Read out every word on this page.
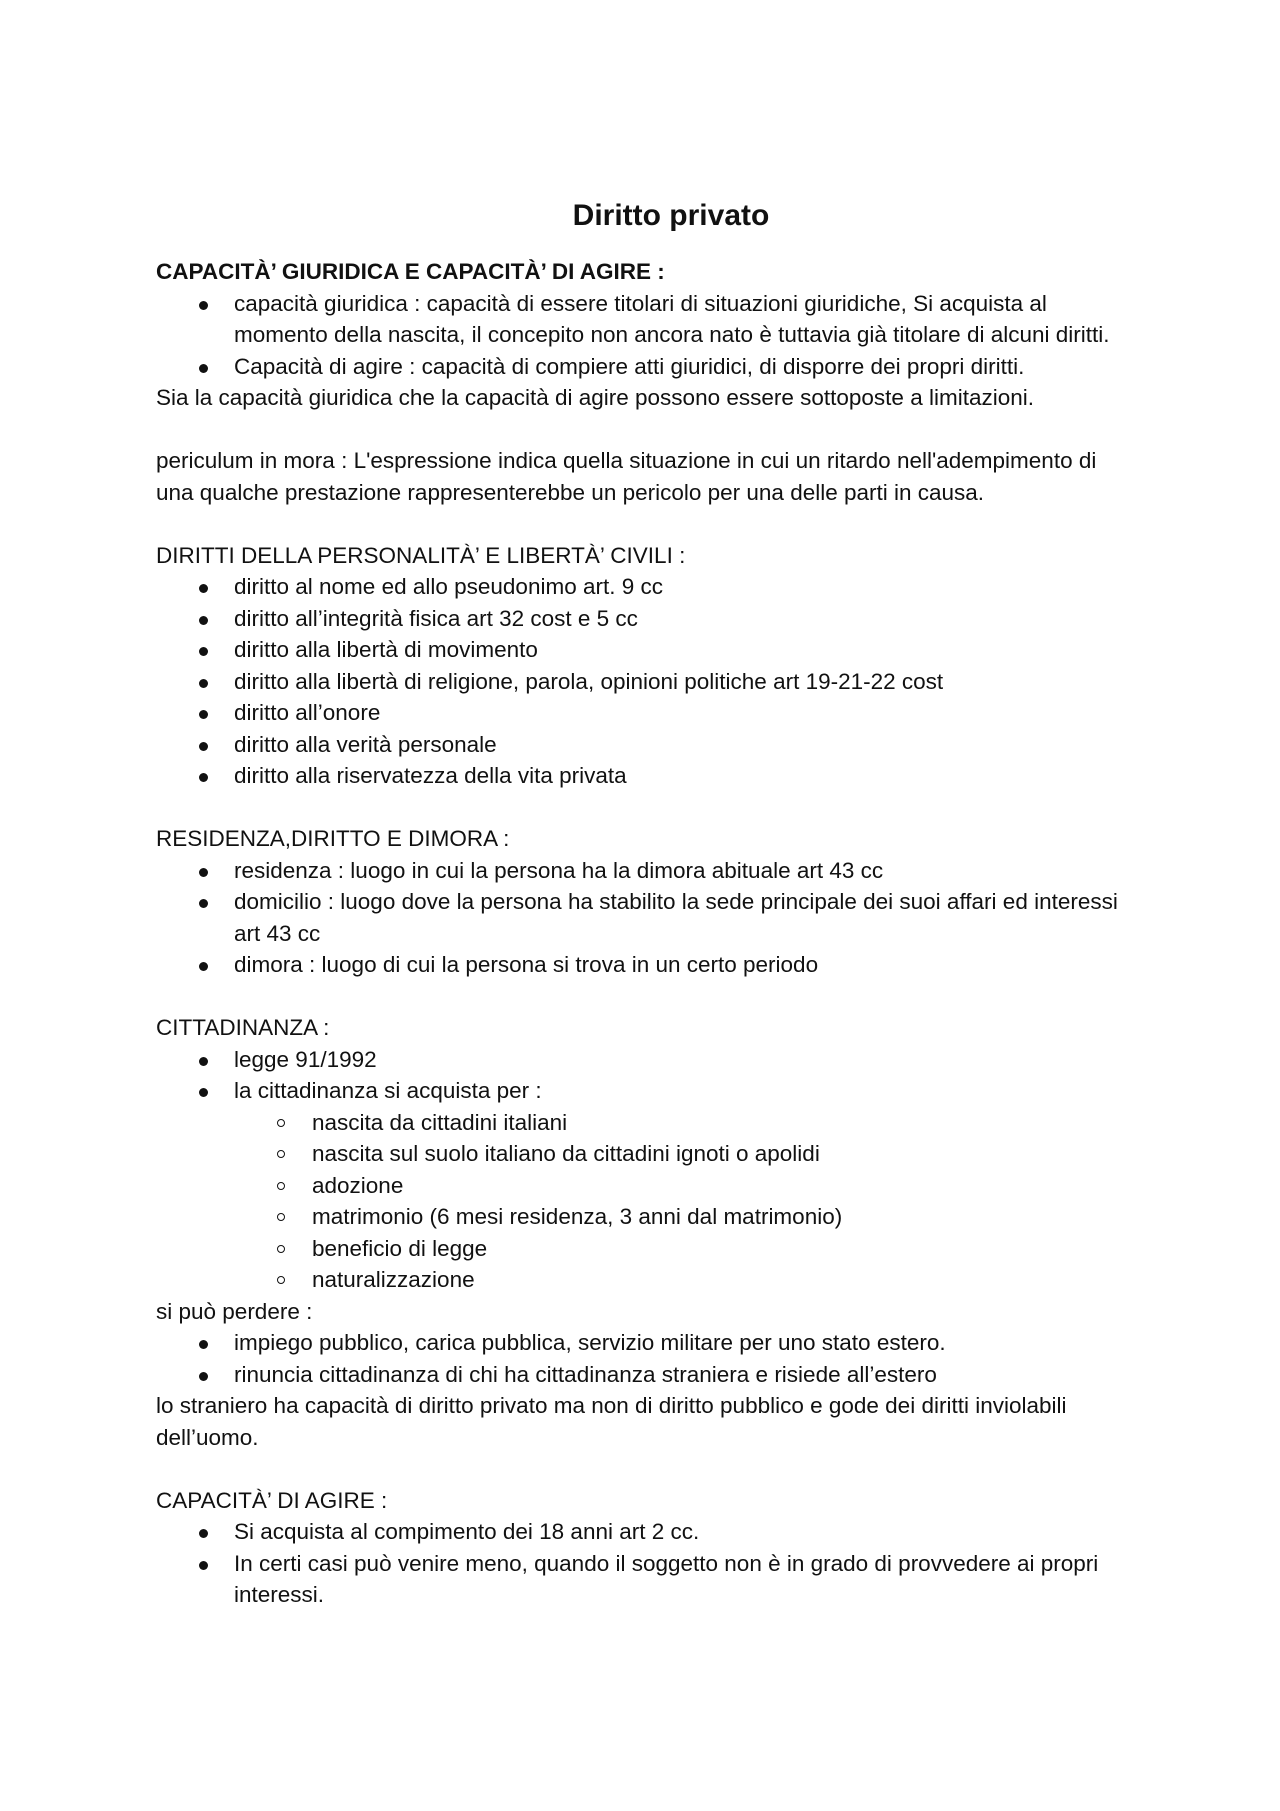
Diritto privato

CAPACITÀ’ GIURIDICA E CAPACITÀ’ DI AGIRE :

capacità giuridica : capacità di essere titolari di situazioni giuridiche, Si acquista al momento della nascita, il concepito non ancora nato è tuttavia già titolare di alcuni diritti.
Capacità di agire : capacità di compiere atti giuridici, di disporre dei propri diritti.

Sia la capacità giuridica che la capacità di agire possono essere sottoposte a limitazioni.

periculum in mora : L'espressione indica quella situazione in cui un ritardo nell'adempimento di una qualche prestazione rappresenterebbe un pericolo per una delle parti in causa.

DIRITTI DELLA PERSONALITÀ’ E LIBERTÀ’ CIVILI :

diritto al nome ed allo pseudonimo art. 9 cc
diritto all’integrità fisica art 32 cost e 5 cc
diritto alla libertà di movimento
diritto alla libertà di religione, parola, opinioni politiche art 19-21-22 cost
diritto all’onore
diritto alla verità personale
diritto alla riservatezza della vita privata

RESIDENZA,DIRITTO E DIMORA :

residenza : luogo in cui la persona ha la dimora abituale art 43 cc
domicilio : luogo dove la persona ha stabilito la sede principale dei suoi affari ed interessi art 43 cc
dimora : luogo di cui la persona si trova in un certo periodo

CITTADINANZA :

legge 91/1992
la cittadinanza si acquista per :
nascita da cittadini italiani
nascita sul suolo italiano da cittadini ignoti o apolidi
adozione
matrimonio (6 mesi residenza, 3 anni dal matrimonio)
beneficio di legge
naturalizzazione

si può perdere :

impiego pubblico, carica pubblica, servizio militare per uno stato estero.
rinuncia cittadinanza di chi ha cittadinanza straniera e risiede all’estero

lo straniero ha capacità di diritto privato ma non di diritto pubblico e gode dei diritti inviolabili dell’uomo.

CAPACITÀ’ DI AGIRE :

Si acquista al compimento dei 18 anni art 2 cc.
In certi casi può venire meno, quando il soggetto non è in grado di provvedere ai propri interessi.
